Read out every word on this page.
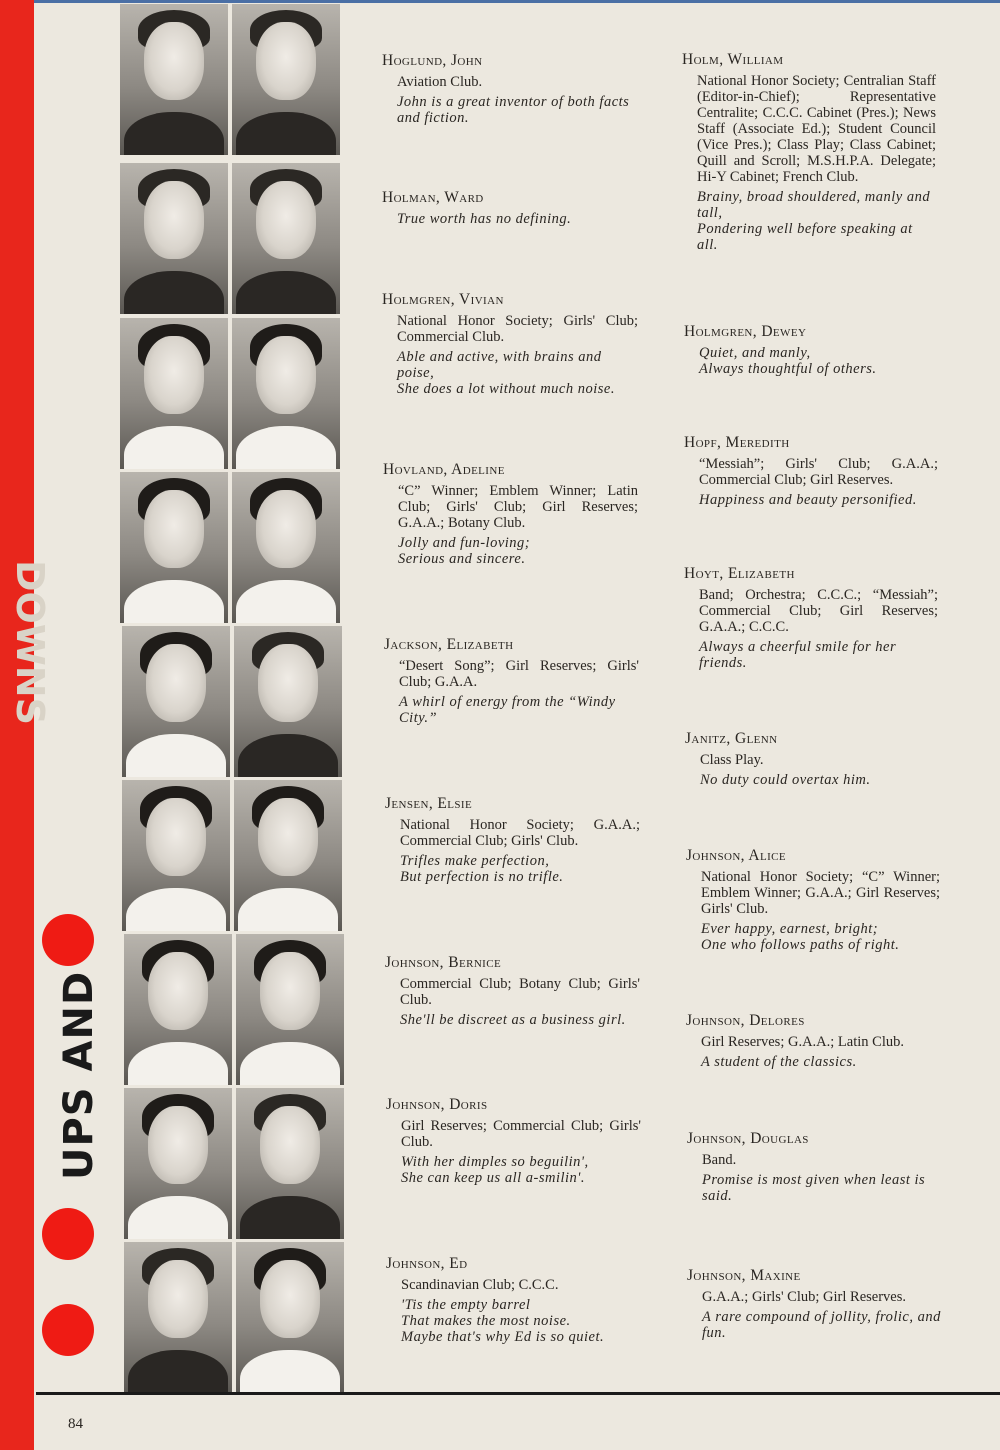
UPS AND
DOWNS
Hoglund, John
Aviation Club.
John is a great inventor of both facts and fiction.
Holman, Ward
True worth has no defining.
Holmgren, Vivian
National Honor Society; Girls' Club; Commercial Club.
Able and active, with brains and poise,
She does a lot without much noise.
Hovland, Adeline
“C” Winner; Emblem Winner; Latin Club; Girls' Club; Girl Reserves; G.A.A.; Botany Club.
Jolly and fun-loving;
Serious and sincere.
Jackson, Elizabeth
“Desert Song”; Girl Reserves; Girls' Club; G.A.A.
A whirl of energy from the “Windy City.”
Jensen, Elsie
National Honor Society; G.A.A.; Commercial Club; Girls' Club.
Trifles make perfection,
But perfection is no trifle.
Johnson, Bernice
Commercial Club; Botany Club; Girls' Club.
She'll be discreet as a business girl.
Johnson, Doris
Girl Reserves; Commercial Club; Girls' Club.
With her dimples so beguilin',
She can keep us all a-smilin'.
Johnson, Ed
Scandinavian Club; C.C.C.
'Tis the empty barrel
That makes the most noise.
Maybe that's why Ed is so quiet.
Holm, William
National Honor Society; Centralian Staff (Editor-in-Chief); Representative Centralite; C.C.C. Cabinet (Pres.); News Staff (Associate Ed.); Student Council (Vice Pres.); Class Play; Class Cabinet; Quill and Scroll; M.S.H.P.A. Delegate; Hi-Y Cabinet; French Club.
Brainy, broad shouldered, manly and tall,
Pondering well before speaking at all.
Holmgren, Dewey
Quiet, and manly,
Always thoughtful of others.
Hopf, Meredith
“Messiah”; Girls' Club; G.A.A.; Commercial Club; Girl Reserves.
Happiness and beauty personified.
Hoyt, Elizabeth
Band; Orchestra; C.C.C.; “Messiah”; Commercial Club; Girl Reserves; G.A.A.; C.C.C.
Always a cheerful smile for her friends.
Janitz, Glenn
Class Play.
No duty could overtax him.
Johnson, Alice
National Honor Society; “C” Winner; Emblem Winner; G.A.A.; Girl Reserves; Girls' Club.
Ever happy, earnest, bright;
One who follows paths of right.
Johnson, Delores
Girl Reserves; G.A.A.; Latin Club.
A student of the classics.
Johnson, Douglas
Band.
Promise is most given when least is said.
Johnson, Maxine
G.A.A.; Girls' Club; Girl Reserves.
A rare compound of jollity, frolic, and fun.
84
